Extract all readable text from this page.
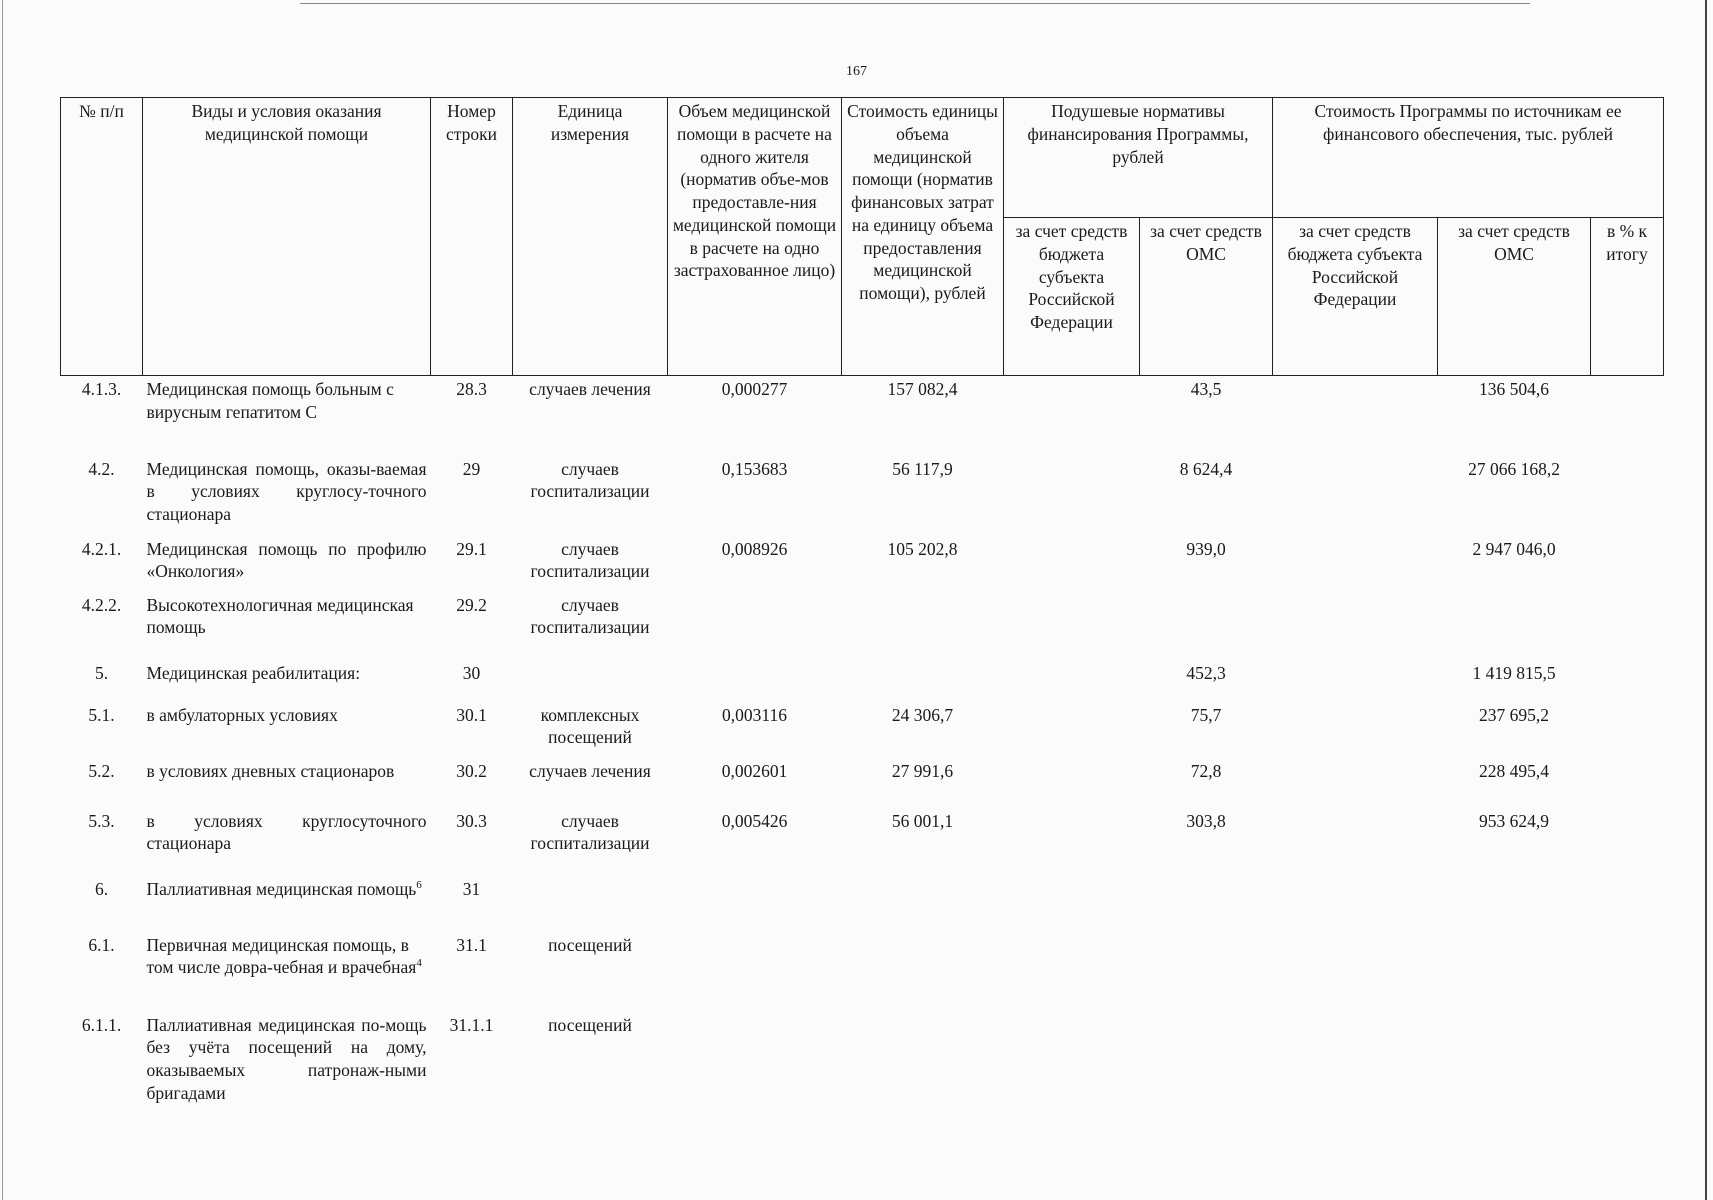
167
№ п/п	Виды и условия оказания медицинской помощи	Номер строки	Единица измерения	Объем медицинской помощи в расчете на одного жителя (норматив объе-мов предоставле-ния медицинской помощи в расчете на одно застрахованное лицо)	Стоимость единицы объема медицинской помощи (норматив финансовых затрат на единицу объема предоставления медицинской помощи), рублей	Подушевые нормативы финансирования Программы, рублей		Стоимость Программы по источникам ее финансового обеспечения, тыс. рублей		
						за счет средств бюджета субъекта Российской Федерации	за счет средств ОМС	за счет средств бюджета субъекта Российской Федерации	за счет средств ОМС	в % к итогу
4.1.3.	Медицинская помощь больным с вирусным гепатитом С	28.3	случаев лечения	0,000277	157 082,4		43,5		136 504,6	
4.2.	Медицинская помощь, оказы-ваемая в условиях круглосу-точного стационара	29	случаев госпитализации	0,153683	56 117,9		8 624,4		27 066 168,2	
4.2.1.	Медицинская помощь по профилю «Онкология»	29.1	случаев госпитализации	0,008926	105 202,8		939,0		2 947 046,0	
4.2.2.	Высокотехнологичная медицинская помощь	29.2	случаев госпитализации							
5.	Медицинская реабилитация:	30					452,3		1 419 815,5	
5.1.	в амбулаторных условиях	30.1	комплексных посещений	0,003116	24 306,7		75,7		237 695,2	
5.2.	в условиях дневных стационаров	30.2	случаев лечения	0,002601	27 991,6		72,8		228 495,4	
5.3.	в условиях круглосуточного стационара	30.3	случаев госпитализации	0,005426	56 001,1		303,8		953 624,9	
6.	Паллиативная медицинская помощь$^6$	31								
6.1.	Первичная медицинская помощь, в том числе довра-чебная и врачебная$^4$	31.1	посещений							
6.1.1.	Паллиативная медицинская по-мощь без учёта посещений на дому, оказываемых патронаж-ными бригадами	31.1.1	посещений							
